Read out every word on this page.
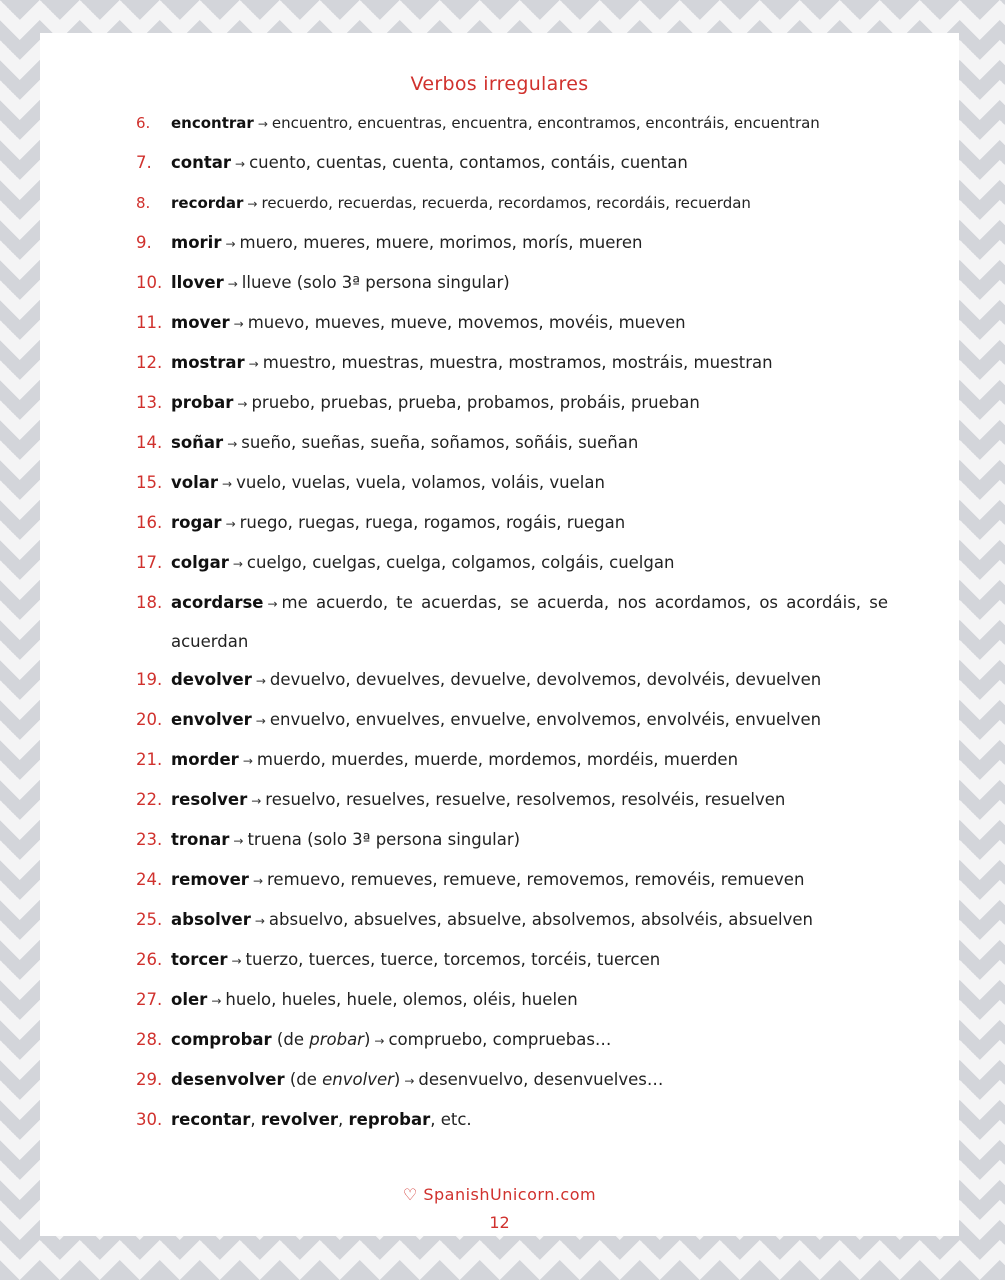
Verbos irregulares
6. encontrar → encuentro, encuentras, encuentra, encontramos, encontráis, encuentran
7. contar → cuento, cuentas, cuenta, contamos, contáis, cuentan
8. recordar → recuerdo, recuerdas, recuerda, recordamos, recordáis, recuerdan
9. morir → muero, mueres, muere, morimos, morís, mueren
10. llover → llueve (solo 3ª persona singular)
11. mover → muevo, mueves, mueve, movemos, movéis, mueven
12. mostrar → muestro, muestras, muestra, mostramos, mostráis, muestran
13. probar → pruebo, pruebas, prueba, probamos, probáis, prueban
14. soñar → sueño, sueñas, sueña, soñamos, soñáis, sueñan
15. volar → vuelo, vuelas, vuela, volamos, voláis, vuelan
16. rogar → ruego, ruegas, ruega, rogamos, rogáis, ruegan
17. colgar → cuelgo, cuelgas, cuelga, colgamos, colgáis, cuelgan
18. acordarse → me acuerdo, te acuerdas, se acuerda, nos acordamos, os acordáis, se acuerdan
19. devolver → devuelvo, devuelves, devuelve, devolvemos, devolvéis, devuelven
20. envolver → envuelvo, envuelves, envuelve, envolvemos, envolvéis, envuelven
21. morder → muerdo, muerdes, muerde, mordemos, mordéis, muerden
22. resolver → resuelvo, resuelves, resuelve, resolvemos, resolvéis, resuelven
23. tronar → truena (solo 3ª persona singular)
24. remover → remuevo, remueves, remueve, removemos, removéis, remueven
25. absolver → absuelvo, absuelves, absuelve, absolvemos, absolvéis, absuelven
26. torcer → tuerzo, tuerces, tuerce, torcemos, torcéis, tuercen
27. oler → huelo, hueles, huele, olemos, oléis, huelen
28. comprobar (de probar) → compruebo, compruebas…
29. desenvolver (de envolver) → desenvuelvo, desenvuelves…
30. recontar, revolver, reprobar, etc.
♡ SpanishUnicorn.com
12
